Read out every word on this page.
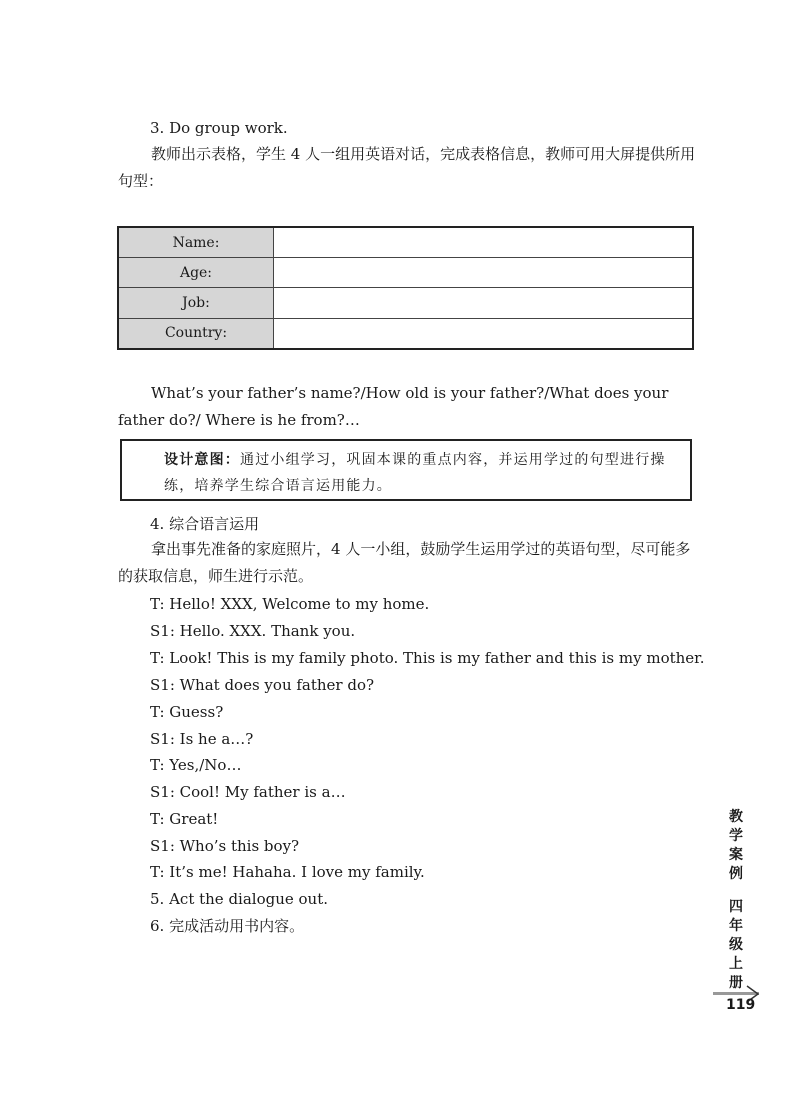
3. Do group work.
教师出示表格，学生 4 人一组用英语对话，完成表格信息，教师可用大屏提供所用句型：
Name:	
Age:	
Job:	
Country:	
What’s your father’s name?/How old is your father?/What does your father do?/ Where is he from?…
设计意图：通过小组学习，巩固本课的重点内容，并运用学过的句型进行操练，培养学生综合语言运用能力。
4. 综合语言运用
拿出事先准备的家庭照片，4 人一小组，鼓励学生运用学过的英语句型，尽可能多的获取信息，师生进行示范。
T: Hello! XXX, Welcome to my home.
S1: Hello. XXX. Thank you.
T: Look! This is my family photo. This is my father and this is my mother.
S1: What does you father do?
T: Guess?
S1: Is he a…?
T: Yes,/No…
S1: Cool! My father is a…
T: Great!
S1: Who’s this boy?
T: It’s me! Hahaha. I love my family.
5. Act the dialogue out.
6. 完成活动用书内容。
教
学
案
例
四
年
级
上
册
119
